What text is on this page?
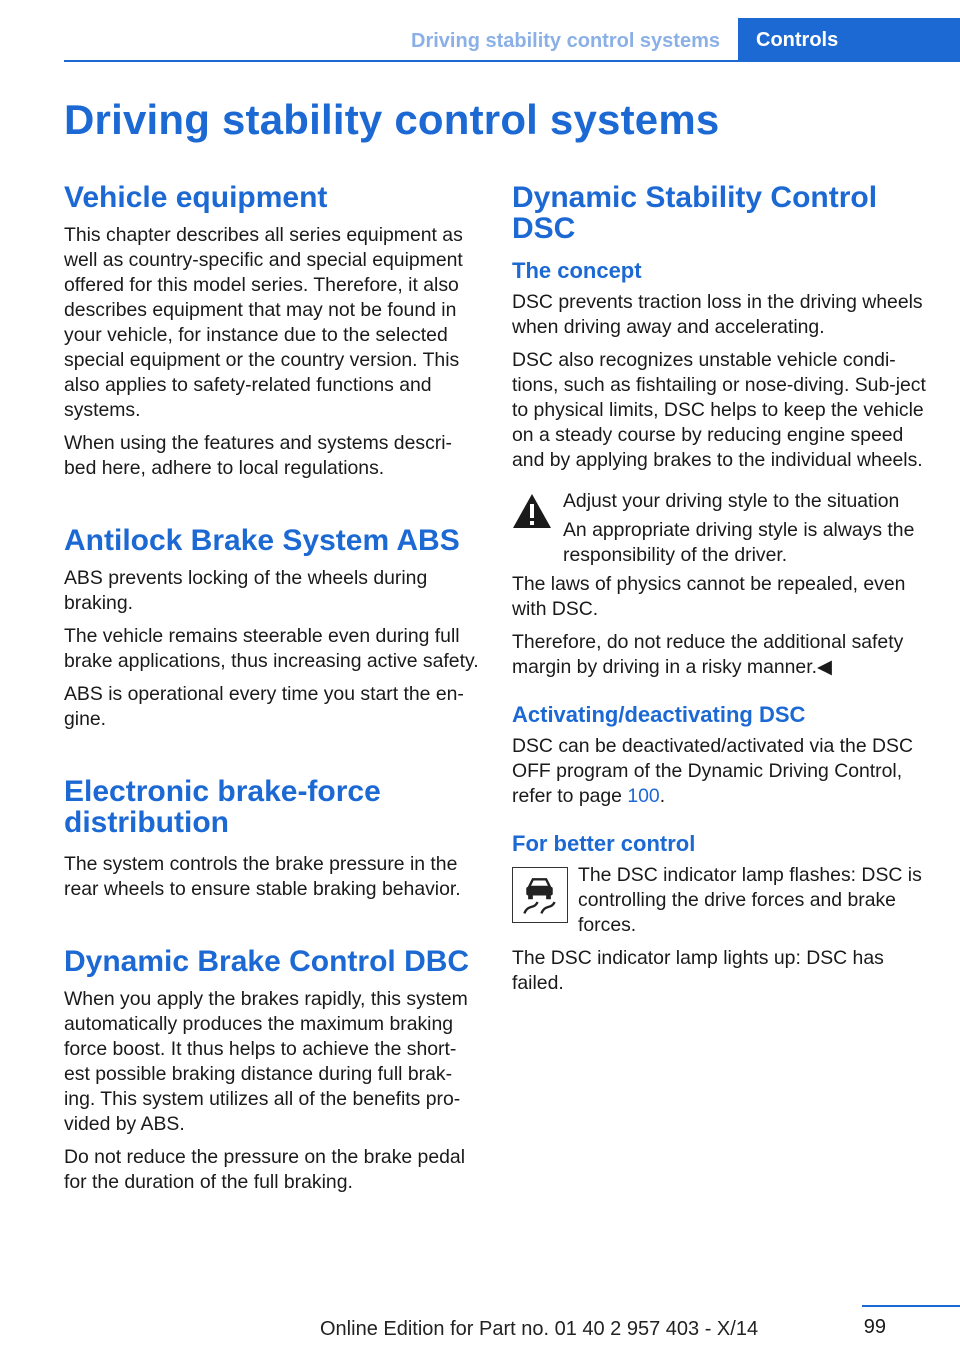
Driving stability control systems	Controls
Driving stability control systems
Vehicle equipment

This chapter describes all series equipment as well as country-specific and special equipment offered for this model series. Therefore, it also describes equipment that may not be found in your vehicle, for instance due to the selected special equipment or the country version. This also applies to safety-related functions and systems.

When using the features and systems descri‐bed here, adhere to local regulations.

Antilock Brake System ABS

ABS prevents locking of the wheels during braking.

The vehicle remains steerable even during full brake applications, thus increasing active safety.

ABS is operational every time you start the en‐gine.

Electronic brake-force distribution

The system controls the brake pressure in the rear wheels to ensure stable braking behavior.

Dynamic Brake Control DBC

When you apply the brakes rapidly, this system automatically produces the maximum braking force boost. It thus helps to achieve the short‐est possible braking distance during full brak‐ing. This system utilizes all of the benefits pro‐vided by ABS.

Do not reduce the pressure on the brake pedal for the duration of the full braking.

Dynamic Stability Control DSC
The concept

DSC prevents traction loss in the driving wheels when driving away and accelerating.

DSC also recognizes unstable vehicle condi‐tions, such as fishtailing or nose-diving. Sub‐ject to physical limits, DSC helps to keep the vehicle on a steady course by reducing engine speed and by applying brakes to the individual wheels.

Adjust your driving style to the situation

An appropriate driving style is always the responsibility of the driver.

The laws of physics cannot be repealed, even with DSC.

Therefore, do not reduce the additional safety margin by driving in a risky manner.◀

Activating/deactivating DSC

DSC can be deactivated/activated via the DSC OFF program of the Dynamic Driving Control, refer to page 100.

For better control

The DSC indicator lamp flashes: DSC is controlling the drive forces and brake forces.

The DSC indicator lamp lights up: DSC has failed.

99
Online Edition for Part no. 01 40 2 957 403 - X/14
